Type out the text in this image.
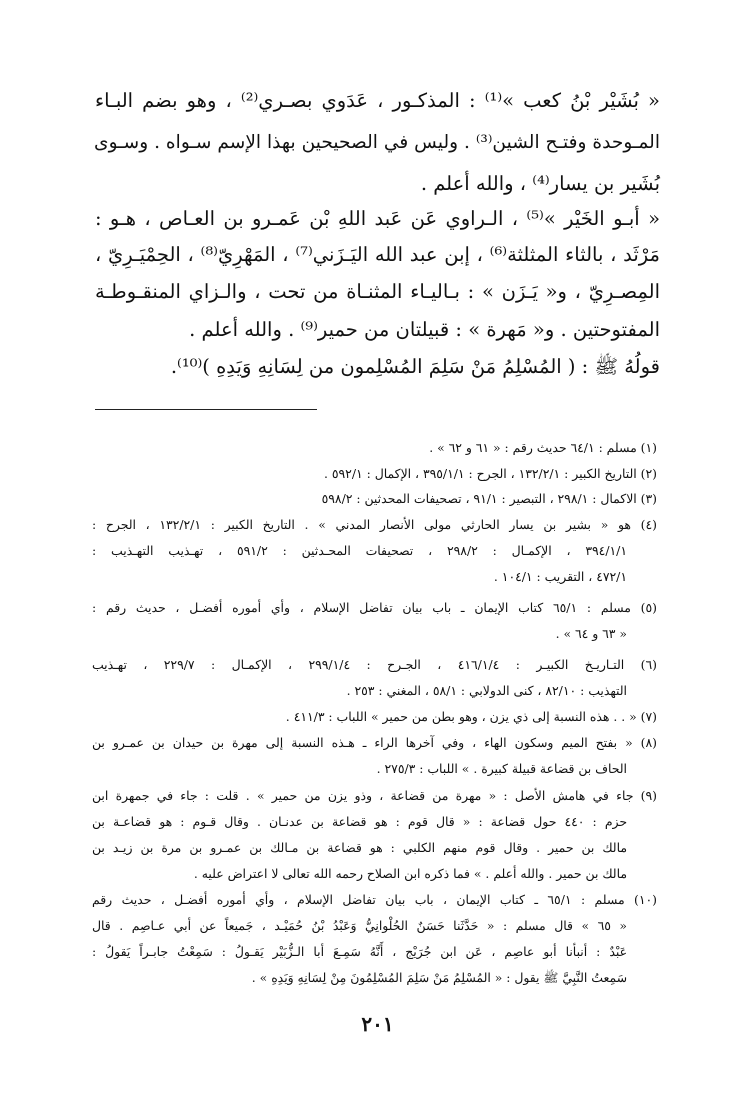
« بُشَيْر بْنُ كعب »⁽¹⁾ : المذكـور ، عَدَوي بصـري⁽²⁾ ، وهو بضم البـاء
المـوحدة وفتـح الشين⁽³⁾ . وليس في الصحيحين بهذا الإسم سـواه . وسـوى
بُشَير بن يسار⁽⁴⁾ ، والله أعلم .
« أبـو الخَيْر »⁽⁵⁾ ، الـراوي عَن عَبد اللهِ بْن عَمـرو بن العـاص ، هـو :
مَرْثَد ، بالثاء المثلثة⁽⁶⁾ ، إبن عبد الله اليَـزَني⁽⁷⁾ ، المَهْرِيّ⁽⁸⁾ ، الحِمْيَـرِيّ ،
المِصـرِيّ ، و« يَـزَن » : بـاليـاء المثنـاة من تحت ، والـزاي المنقـوطـة
المفتوحتين . و« مَهرة » : قبيلتان من حمير⁽⁹⁾ . والله أعلم .
قولُهُ ﷺ : ( المُسْلِمُ مَنْ سَلِمَ المُسْلِمون من لِسَانِهِ وَيَدِهِ )⁽¹⁰⁾.
(١) مسلم : ٦٤/١ حديث رقم : « ٦١ و ٦٢ » .
(٢) التاريخ الكبير : ١٣٢/٢/١ ، الجرح : ٣٩٥/١/١ ، الإكمال : ٥٩٢/١ .
(٣) الاكمال : ٢٩٨/١ ، التبصير : ٩١/١ ، تصحيفات المحدثين : ٥٩٨/٢
(٤) هو « بشير بن يسار الحارثي مولى الأنصار المدني » . التاريخ الكبير : ١٣٢/٢/١ ، الجرح :
٣٩٤/١/١ ، الإكمـال : ٢٩٨/٢ ، تصحيفات المحـدثين : ٥٩١/٢ ، تهـذيب التهـذيب :
٤٧٢/١ ، التقريب : ١٠٤/١ .
(٥) مسلم : ٦٥/١ كتاب الإيمان ـ باب بيان تفاضل الإسلام ، وأي أموره أفضـل ، حديث رقم :
« ٦٣ و ٦٤ » .
(٦) التـاريـخ الكبيـر : ٤١٦/١/٤ ، الجـرح : ٢٩٩/١/٤ ، الإكمـال : ٢٢٩/٧ ، تهـذيب
التهذيب : ٨٢/١٠ ، كنى الدولابي : ٥٨/١ ، المغني : ٢٥٣ .
(٧) « . . هذه النسبة إلى ذي يزن ، وهو بطن من حمير » اللباب : ٤١١/٣ .
(٨) « بفتح الميم وسكون الهاء ، وفي آخرها الراء ـ هـذه النسبة إلى مهرة بن حيدان بن عمـرو بن
الحاف بن قضاعة قبيلة كبيرة . » اللباب : ٢٧٥/٣ .
(٩) جاء في هامش الأصل : « مهرة من قضاعة ، وذو يزن من حمير » . قلت : جاء في جمهرة ابن
حزم : ٤٤٠ حول قضاعة : « قال قوم : هو قضاعة بن عدنـان . وقال قـوم : هو قضاعـة بن
مالك بن حمير . وقال قوم منهم الكلبي : هو قضاعة بن مـالك بن عمـرو بن مرة بن زيـد بن
مالك بن حمير . والله أعلم . » فما ذكره ابن الصلاح رحمه الله تعالى لا اعتراض عليه .
(١٠) مسلم : ٦٥/١ ـ كتاب الإيمان ، باب بيان تفاضل الإسلام ، وأي أموره أفضـل ، حديث رقم
« ٦٥ » قال مسلم : « حَدَّثَنا حَسَنٌ الحُلْوانِيُّ وَعَبْدُ بْنُ حُمَيْـد ، جَميعاً عن أبي عـاصِم . قال
عَبْدٌ : أنبأنا أبو عاصِم ، عَن ابن جُرَيْج ، أَنَّهُ سَمِـعَ أبا الـزُّبَيْر يَقـولُ : سَمِعْتُ جابـراً يَقولُ :
سَمِعتُ النَّبِيَّ ﷺ يقول : « المُسْلِمُ مَنْ سَلِمَ المُسْلِمُونَ مِنْ لِسَانِهِ وَيَدِهِ » .
٢٠١
